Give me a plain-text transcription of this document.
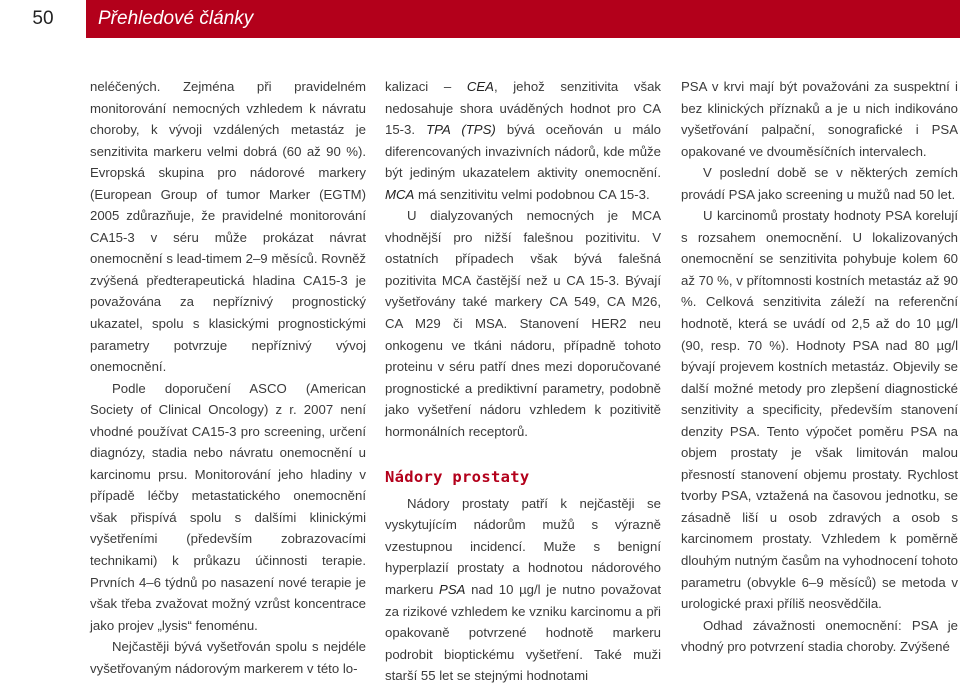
50	Přehledové články

neléčených. Zejména při pravidelném monitorování nemocných vzhledem k návratu choroby, k vývoji vzdálených metastáz je senzitivita markeru velmi dobrá (60 až 90 %). Evropská skupina pro nádorové markery (European Group of tumor Marker (EGTM) 2005 zdůrazňuje, že pravidelné monitorování CA15-3 v séru může prokázat návrat onemocnění s lead-timem 2–9 měsíců. Rovněž zvýšená předterapeutická hladina CA15-3 je považována za nepříznivý prognostický ukazatel, spolu s klasickými prognostickými parametry potvrzuje nepříznivý vývoj onemocnění.

Podle doporučení ASCO (American Society of Clinical Oncology) z r. 2007 není vhodné používat CA15-3 pro screening, určení diagnózy, stadia nebo návratu onemocnění u karcinomu prsu. Monitorování jeho hladiny v případě léčby metastatického onemocnění však přispívá spolu s dalšími klinickými vyšetřeními (především zobrazovacími technikami) k průkazu účinnosti terapie. Prvních 4–6 týdnů po nasazení nové terapie je však třeba zvažovat možný vzrůst koncentrace jako projev „lysis“ fenoménu.

Nejčastěji bývá vyšetřován spolu s nejdéle vyšetřovaným nádorovým markerem v této lo-

kalizaci – CEA, jehož senzitivita však nedosahuje shora uváděných hodnot pro CA 15-3. TPA (TPS) bývá oceňován u málo diferencovaných invazivních nádorů, kde může být jediným ukazatelem aktivity onemocnění. MCA má senzitivitu velmi podobnou CA 15-3.

U dialyzovaných nemocných je MCA vhodnější pro nižší falešnou pozitivitu. V ostatních případech však bývá falešná pozitivita MCA častější než u CA 15-3. Bývají vyšetřovány také markery CA 549, CA M26, CA M29 či MSA. Stanovení HER2 neu onkogenu ve tkáni nádoru, případně tohoto proteinu v séru patří dnes mezi doporučované prognostické a prediktivní parametry, podobně jako vyšetření nádoru vzhledem k pozitivitě hormonálních receptorů.

Nádory prostaty

Nádory prostaty patří k nejčastěji se vyskytujícím nádorům mužů s výrazně vzestupnou incidencí. Muže s benigní hyperplazií prostaty a hodnotou nádorového markeru PSA nad 10 µg/l je nutno považovat za rizikové vzhledem ke vzniku karcinomu a při opakovaně potvrzené hodnotě markeru podrobit bioptickému vyšetření. Také muži starší 55 let se stejnými hodnotami

PSA v krvi mají být považováni za suspektní i bez klinických příznaků a je u nich indikováno vyšetřování palpační, sonografické i PSA opakované ve dvouměsíčních intervalech.

V poslední době se v některých zemích provádí PSA jako screening u mužů nad 50 let.

U karcinomů prostaty hodnoty PSA korelují s rozsahem onemocnění. U lokalizovaných onemocnění se senzitivita pohybuje kolem 60 až 70 %, v přítomnosti kostních metastáz až 90 %. Celková senzitivita záleží na referenční hodnotě, která se uvádí od 2,5 až do 10 µg/l (90, resp. 70 %). Hodnoty PSA nad 80 µg/l bývají projevem kostních metastáz. Objevily se další možné metody pro zlepšení diagnostické senzitivity a specificity, především stanovení denzity PSA. Tento výpočet poměru PSA na objem prostaty je však limitován malou přesností stanovení objemu prostaty. Rychlost tvorby PSA, vztažená na časovou jednotku, se zásadně liší u osob zdravých a osob s karcinomem prostaty. Vzhledem k poměrně dlouhým nutným časům na vyhodnocení tohoto parametru (obvykle 6–9 měsíců) se metoda v urologické praxi příliš neosvědčila.

Odhad závažnosti onemocnění: PSA je vhodný pro potvrzení stadia choroby. Zvýšené
